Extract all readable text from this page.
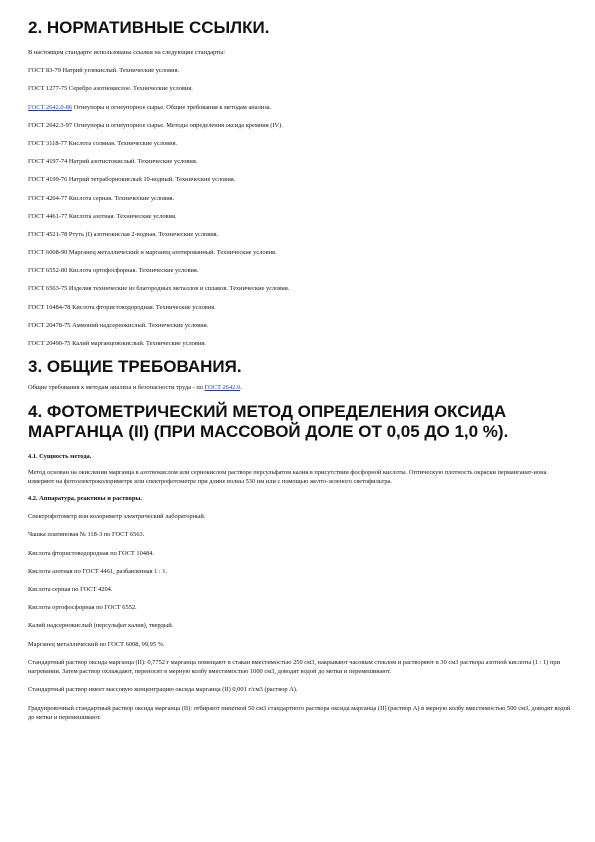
2. НОРМАТИВНЫЕ ССЫЛКИ.

В настоящем стандарте использованы ссылки на следующие стандарты:

ГОСТ 83-79 Натрий углекислый. Технические условия.

ГОСТ 1277-75 Серебро азотнокислое. Технические условия.

ГОСТ 2642.0-86 Огнеупоры и огнеупорное сырье. Общие требования к методам анализа.

ГОСТ 2642.3-97 Огнеупоры и огнеупорное сырье. Методы определения оксида кремния (IV).

ГОСТ 3118-77 Кислота соляная. Технические условия.

ГОСТ 4197-74 Натрий азотистокислый. Технические условия.

ГОСТ 4199-76 Натрий тетраборнокислый 10-водный. Технические условия.

ГОСТ 4204-77 Кислота серная. Технические условия.

ГОСТ 4461-77 Кислота азотная. Технические условия.

ГОСТ 4521-78 Ртуть (I) азотнокислая 2-водная. Технические условия.

ГОСТ 6008-90 Марганец металлический и марганец азотированный. Технические условия.

ГОСТ 6552-80 Кислота ортофосфорная. Технические условия.

ГОСТ 6563-75 Изделия технические из благородных металлов и сплавов. Технические условия.

ГОСТ 10484-78 Кислота фтористоводородная. Технические условия.

ГОСТ 20478-75 Аммоний надсернокислый. Технические условия.

ГОСТ 20490-75 Калий марганцовокислый. Технические условия.

3. ОБЩИЕ ТРЕБОВАНИЯ.

Общие требования к методам анализа и безопасности труда - по ГОСТ 2642.0.

4. ФОТОМЕТРИЧЕСКИЙ МЕТОД ОПРЕДЕЛЕНИЯ ОКСИДА
МАРГАНЦА (II) (ПРИ МАССОВОЙ ДОЛЕ ОТ 0,05 ДО 1,0 %).

4.1. Сущность метода.

Метод основан на окислении марганца в азотнокислом или сернокислом растворе персульфатом калия в присутствии фосфорной кислоты. Оптическую плотность окраски перманганат-иона измеряют на фотоэлектроколориметре или спектрофотометре при длине волны 530 нм или с помощью желто-зеленого светофильтра.

4.2. Аппаратура, реактивы и растворы.

Спектрофотометр или колориметр электрический лабораторный.

Чашка платиновая № 118-3 по ГОСТ 6563.

Кислота фтористоводородная по ГОСТ 10484.

Кислота азотная по ГОСТ 4461, разбавленная 1 : 1.

Кислота серная по ГОСТ 4204.

Кислота ортофосфорная по ГОСТ 6552.

Калий надсернокислый (персульфат калия), твердый.

Марганец металлический по ГОСТ 6008, 99,95 %.

Стандартный раствор оксида марганца (II): 0,7752 г марганца помещают в стакан вместимостью 250 см3, накрывают часовым стеклом и растворяют в 30 см3 раствора азотной кислоты (1 : 1) при нагревании. Затем раствор охлаждают, переносят в мерную колбу вместимостью 1000 см3, доводят водой до метки и перемешивают.

Стандартный раствор имеет массовую концентрацию оксида марганца (II) 0,001 г/см3 (раствор А).

Градуировочный стандартный раствор оксида марганца (II): отбирают пипеткой 50 см3 стандартного раствора оксида марганца (II) (раствор А) в мерную колбу вместимостью 500 см3, доводят водой до метки и перемешивают.
